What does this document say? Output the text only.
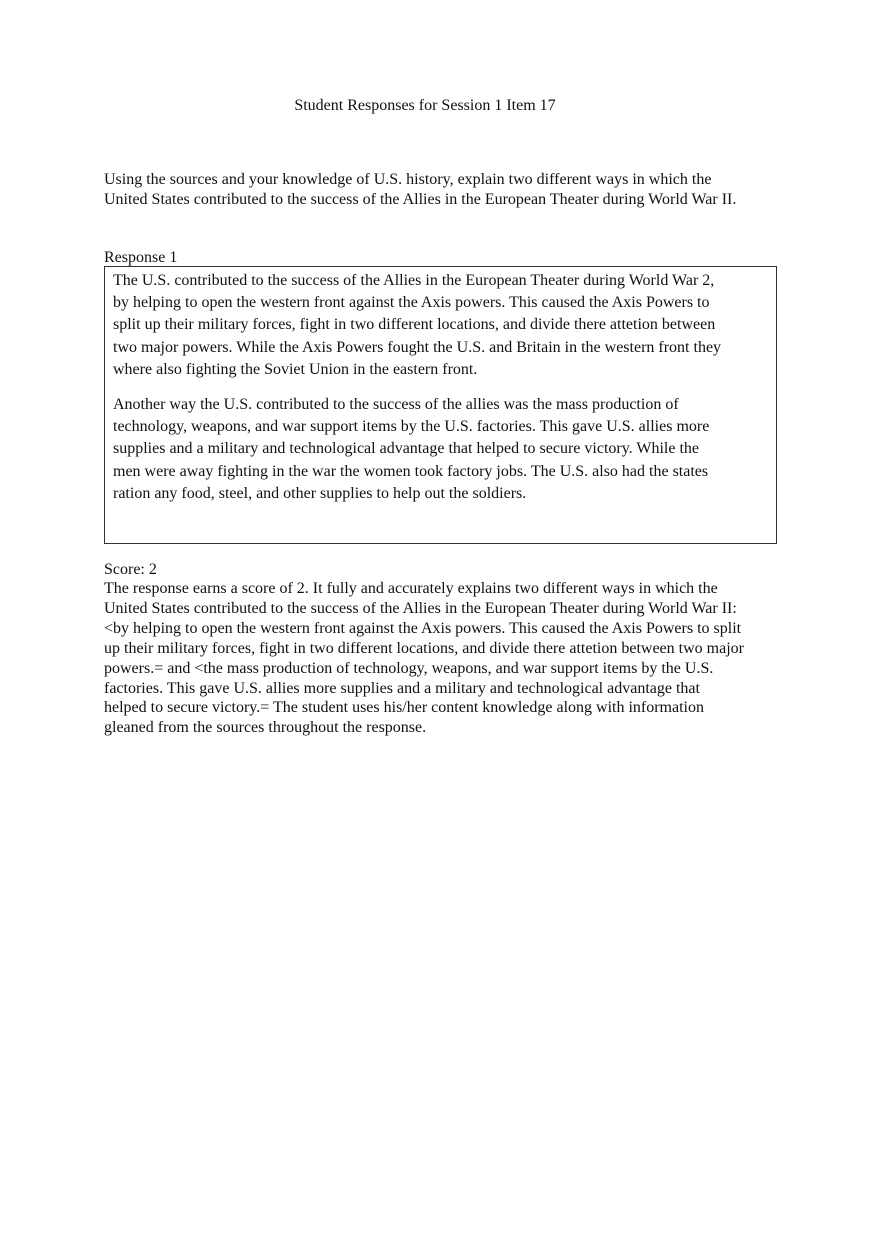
Student Responses for Session 1 Item 17
Using the sources and your knowledge of U.S. history, explain two different ways in which the United States contributed to the success of the Allies in the European Theater during World War II.
Response 1

The U.S. contributed to the success of the Allies in the European Theater during World War 2, by helping to open the western front against the Axis powers. This caused the Axis Powers to split up their military forces, fight in two different locations, and divide there attetion between two major powers. While the Axis Powers fought the U.S. and Britain in the western front they where also fighting the Soviet Union in the eastern front.

Another way the U.S. contributed to the success of the allies was the mass production of technology, weapons, and war support items by the U.S. factories. This gave U.S. allies more supplies and a military and technological advantage that helped to secure victory. While the men were away fighting in the war the women took factory jobs. The U.S. also had the states ration any food, steel, and other supplies to help out the soldiers.

Score: 2
The response earns a score of 2. It fully and accurately explains two different ways in which the United States contributed to the success of the Allies in the European Theater during World War II: <by helping to open the western front against the Axis powers. This caused the Axis Powers to split up their military forces, fight in two different locations, and divide there attetion between two major powers.= and <the mass production of technology, weapons, and war support items by the U.S. factories. This gave U.S. allies more supplies and a military and technological advantage that helped to secure victory.= The student uses his/her content knowledge along with information gleaned from the sources throughout the response.
